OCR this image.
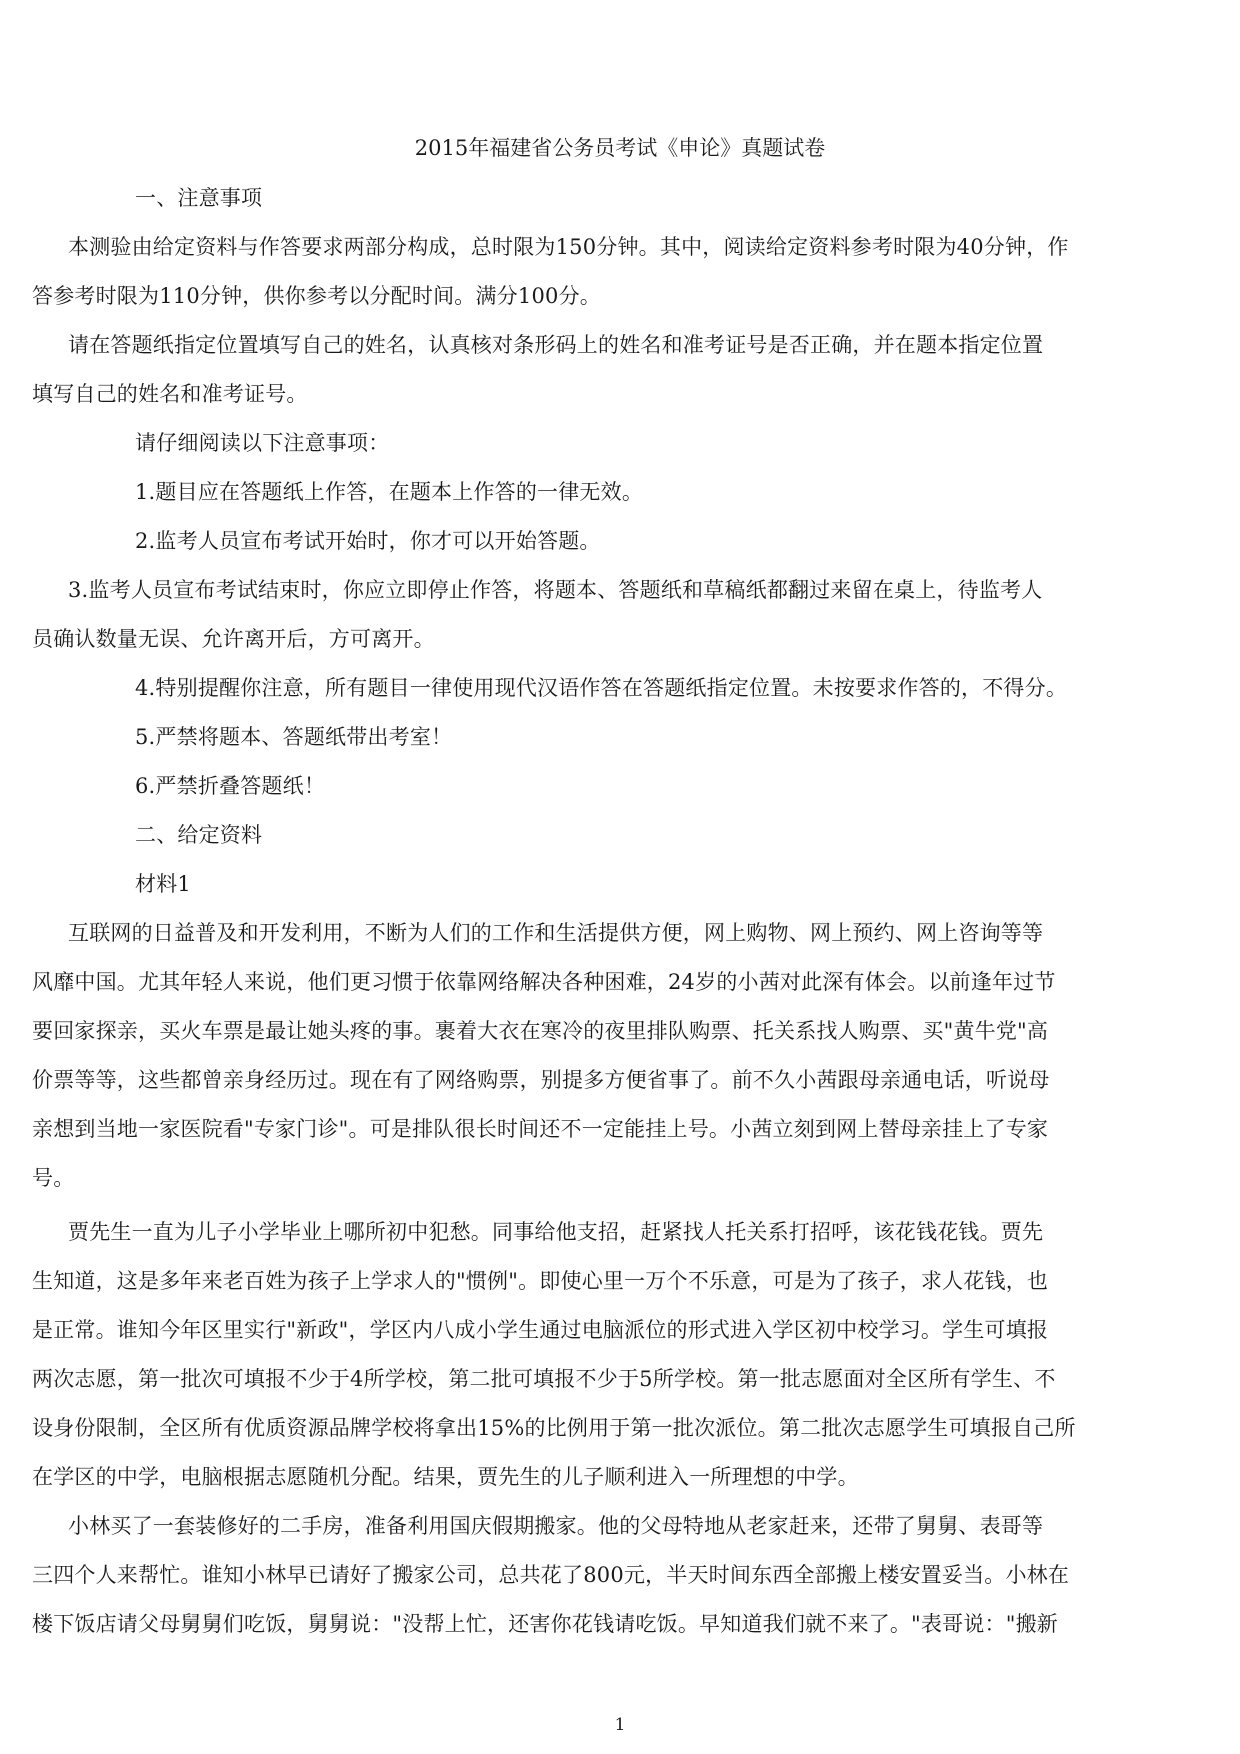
2015年福建省公务员考试《申论》真题试卷
一、注意事项
本测验由给定资料与作答要求两部分构成，总时限为150分钟。其中，阅读给定资料参考时限为40分钟，作
答参考时限为110分钟，供你参考以分配时间。满分100分。
请在答题纸指定位置填写自己的姓名，认真核对条形码上的姓名和准考证号是否正确，并在题本指定位置
填写自己的姓名和准考证号。
请仔细阅读以下注意事项：
1.题目应在答题纸上作答，在题本上作答的一律无效。
2.监考人员宣布考试开始时，你才可以开始答题。
3.监考人员宣布考试结束时，你应立即停止作答，将题本、答题纸和草稿纸都翻过来留在桌上，待监考人
员确认数量无误、允许离开后，方可离开。
4.特别提醒你注意，所有题目一律使用现代汉语作答在答题纸指定位置。未按要求作答的，不得分。
5.严禁将题本、答题纸带出考室！
6.严禁折叠答题纸！
二、给定资料
材料1
互联网的日益普及和开发利用，不断为人们的工作和生活提供方便，网上购物、网上预约、网上咨询等等
风靡中国。尤其年轻人来说，他们更习惯于依靠网络解决各种困难，24岁的小茜对此深有体会。以前逢年过节
要回家探亲，买火车票是最让她头疼的事。裹着大衣在寒冷的夜里排队购票、托关系找人购票、买"黄牛党"高
价票等等，这些都曾亲身经历过。现在有了网络购票，别提多方便省事了。前不久小茜跟母亲通电话，听说母
亲想到当地一家医院看"专家门诊"。可是排队很长时间还不一定能挂上号。小茜立刻到网上替母亲挂上了专家
号。
贾先生一直为儿子小学毕业上哪所初中犯愁。同事给他支招，赶紧找人托关系打招呼，该花钱花钱。贾先
生知道，这是多年来老百姓为孩子上学求人的"惯例"。即使心里一万个不乐意，可是为了孩子，求人花钱，也
是正常。谁知今年区里实行"新政"，学区内八成小学生通过电脑派位的形式进入学区初中校学习。学生可填报
两次志愿，第一批次可填报不少于4所学校，第二批可填报不少于5所学校。第一批志愿面对全区所有学生、不
设身份限制，全区所有优质资源品牌学校将拿出15%的比例用于第一批次派位。第二批次志愿学生可填报自己所
在学区的中学，电脑根据志愿随机分配。结果，贾先生的儿子顺利进入一所理想的中学。
小林买了一套装修好的二手房，准备利用国庆假期搬家。他的父母特地从老家赶来，还带了舅舅、表哥等
三四个人来帮忙。谁知小林早已请好了搬家公司，总共花了800元，半天时间东西全部搬上楼安置妥当。小林在
楼下饭店请父母舅舅们吃饭，舅舅说："没帮上忙，还害你花钱请吃饭。早知道我们就不来了。"表哥说："搬新
1
